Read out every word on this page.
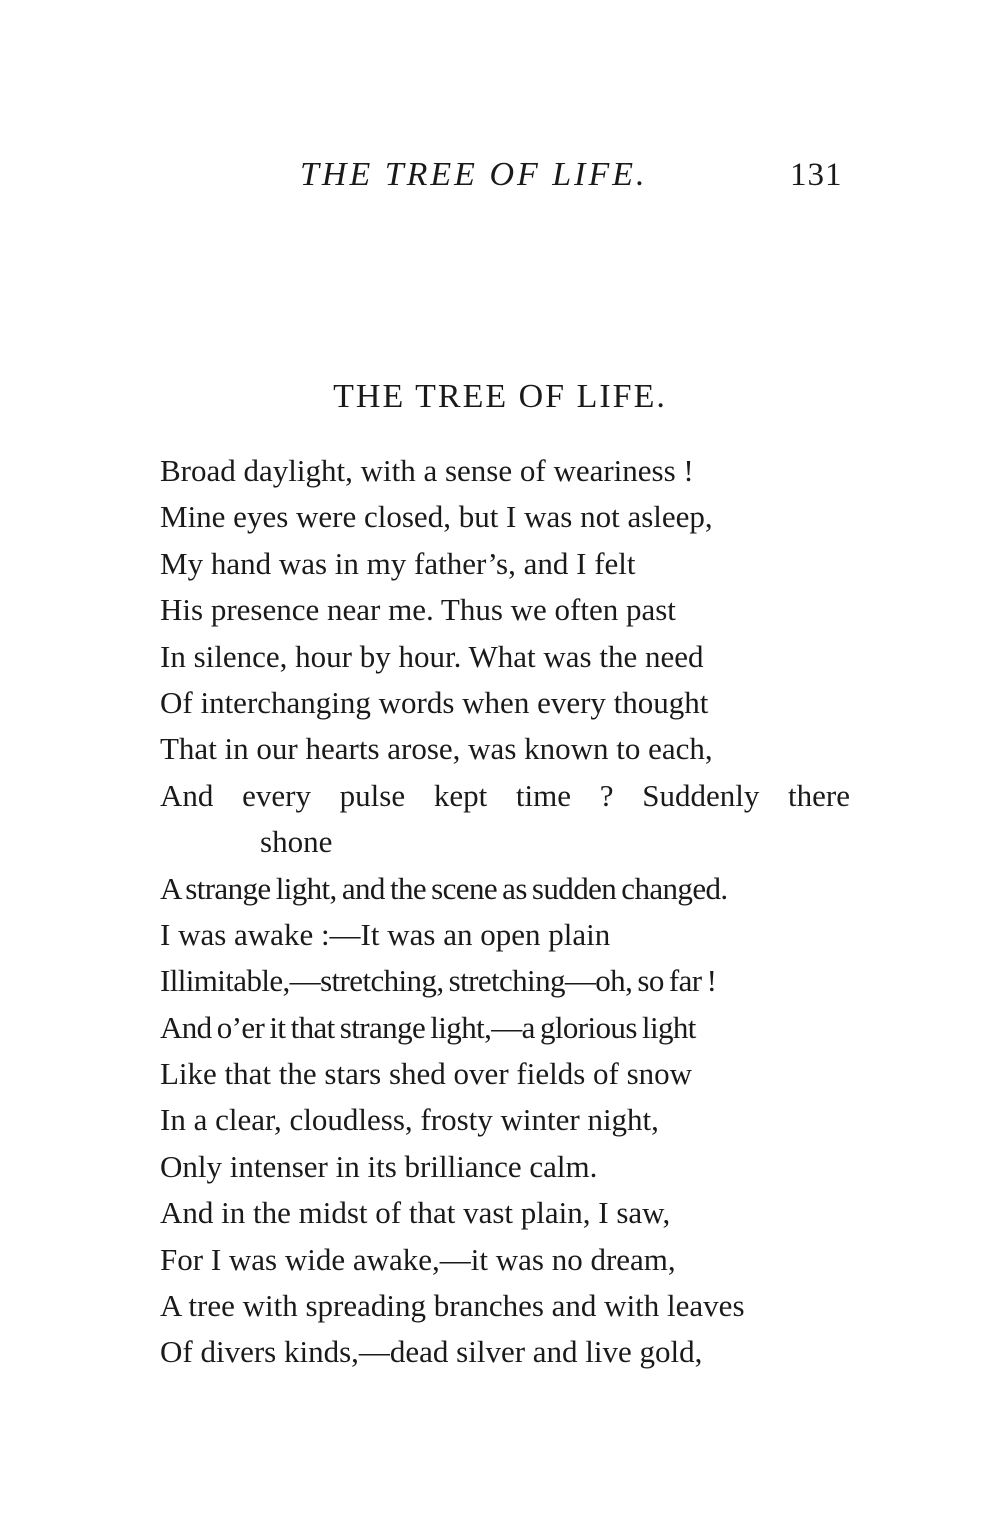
THE TREE OF LIFE.	131
THE TREE OF LIFE.
Broad daylight, with a sense of weariness !
Mine eyes were closed, but I was not asleep,
My hand was in my father’s, and I felt
His presence near me. Thus we often past
In silence, hour by hour. What was the need
Of interchanging words when every thought
That in our hearts arose, was known to each,
And every pulse kept time ? Suddenly there
shone
A strange light, and the scene as sudden changed.
I was awake :—It was an open plain
Illimitable,—stretching, stretching—oh, so far !
And o’er it that strange light,—a glorious light
Like that the stars shed over fields of snow
In a clear, cloudless, frosty winter night,
Only intenser in its brilliance calm.
And in the midst of that vast plain, I saw,
For I was wide awake,—it was no dream,
A tree with spreading branches and with leaves
Of divers kinds,—dead silver and live gold,
